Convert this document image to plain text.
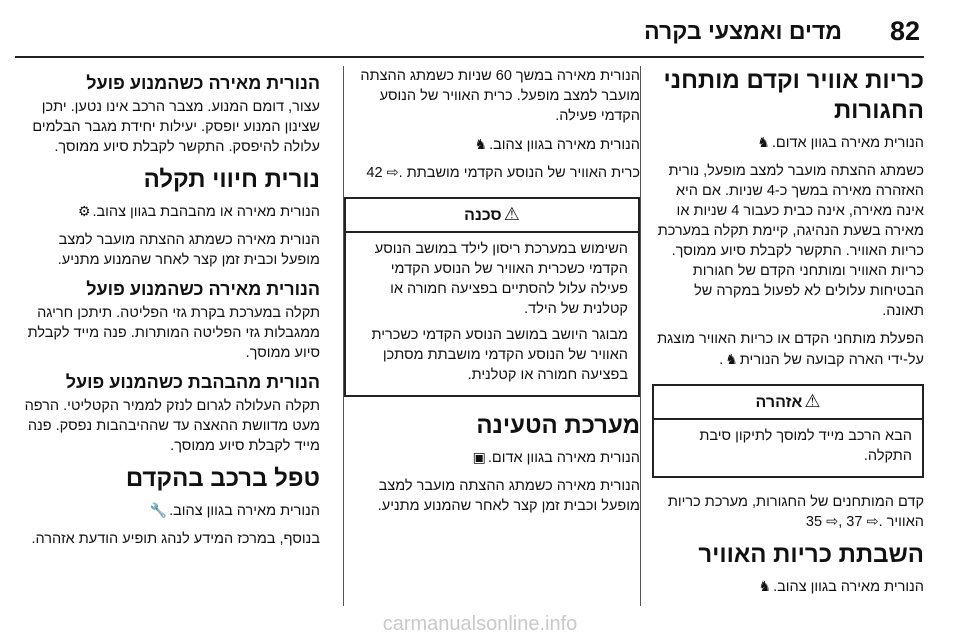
82
מדים ואמצעי בקרה
כריות אוויר וקדם מותחני החגורות

הנורית מאירה בגוון אדום.♞

כשמתג ההצתה מועבר למצב מופעל, נורית האזהרה מאירה במשך כ-4 שניות. אם היא אינה מאירה, אינה כבית כעבור 4 שניות או מאירה בשעת הנהיגה, קיימת תקלה במערכת כריות האוויר. התקשר לקבלת סיוע ממוסך. כריות האוויר ומותחני הקדם של חגורות הבטיחות עלולים לא לפעול במקרה של תאונה.

הפעלת מותחני הקדם או כריות האוויר מוצגת על-ידי הארה קבועה של הנורית♞.

⚠אזהרה

הבא הרכב מייד למוסך לתיקון סיבת התקלה.

קדם המותחנים של החגורות, מערכת כריות האוויר 35 ⇨, 37 ⇨.

השבתת כריות האוויר

הנורית מאירה בגוון צהוב.♞

הנורית מאירה במשך 60 שניות כשמתג ההצתה מועבר למצב מופעל. כרית האוויר של הנוסע הקדמי פעילה.

הנורית מאירה בגוון צהוב.♞

כרית האוויר של הנוסע הקדמי מושבתת 42 ⇨.

⚠סכנה

השימוש במערכת ריסון לילד במושב הנוסע הקדמי כשכרית האוויר של הנוסע הקדמי פעילה עלול להסתיים בפציעה חמורה או קטלנית של הילד.

מבוגר היושב במושב הנוסע הקדמי כשכרית האוויר של הנוסע הקדמי מושבתת מסתכן בפציעה חמורה או קטלנית.

מערכת הטעינה

הנורית מאירה בגוון אדום.▣

הנורית מאירה כשמתג ההצתה מועבר למצב מופעל וכבית זמן קצר לאחר שהמנוע מתניע.

הנורית מאירה כשהמנוע פועל

עצור, דומם המנוע. מצבר הרכב אינו נטען. יתכן שצינון המנוע יופסק. יעילות יחידת מגבר הבלמים עלולה להיפסק. התקשר לקבלת סיוע ממוסך.

נורית חיווי תקלה

הנורית מאירה או מהבהבת בגוון צהוב.⚙

הנורית מאירה כשמתג ההצתה מועבר למצב מופעל וכבית זמן קצר לאחר שהמנוע מתניע.

הנורית מאירה כשהמנוע פועל

תקלה במערכת בקרת גזי הפליטה. תיתכן חריגה ממגבלות גזי הפליטה המותרות. פנה מייד לקבלת סיוע ממוסך.

הנורית מהבהבת כשהמנוע פועל

תקלה העלולה לגרום לנזק לממיר הקטליטי. הרפה מעט מדוושת ההאצה עד שההיבהבות נפסק. פנה מייד לקבלת סיוע ממוסך.

טפל ברכב בהקדם

הנורית מאירה בגוון צהוב.🔧

בנוסף, במרכז המידע לנהג תופיע הודעת אזהרה.

carmanualsonline.info
